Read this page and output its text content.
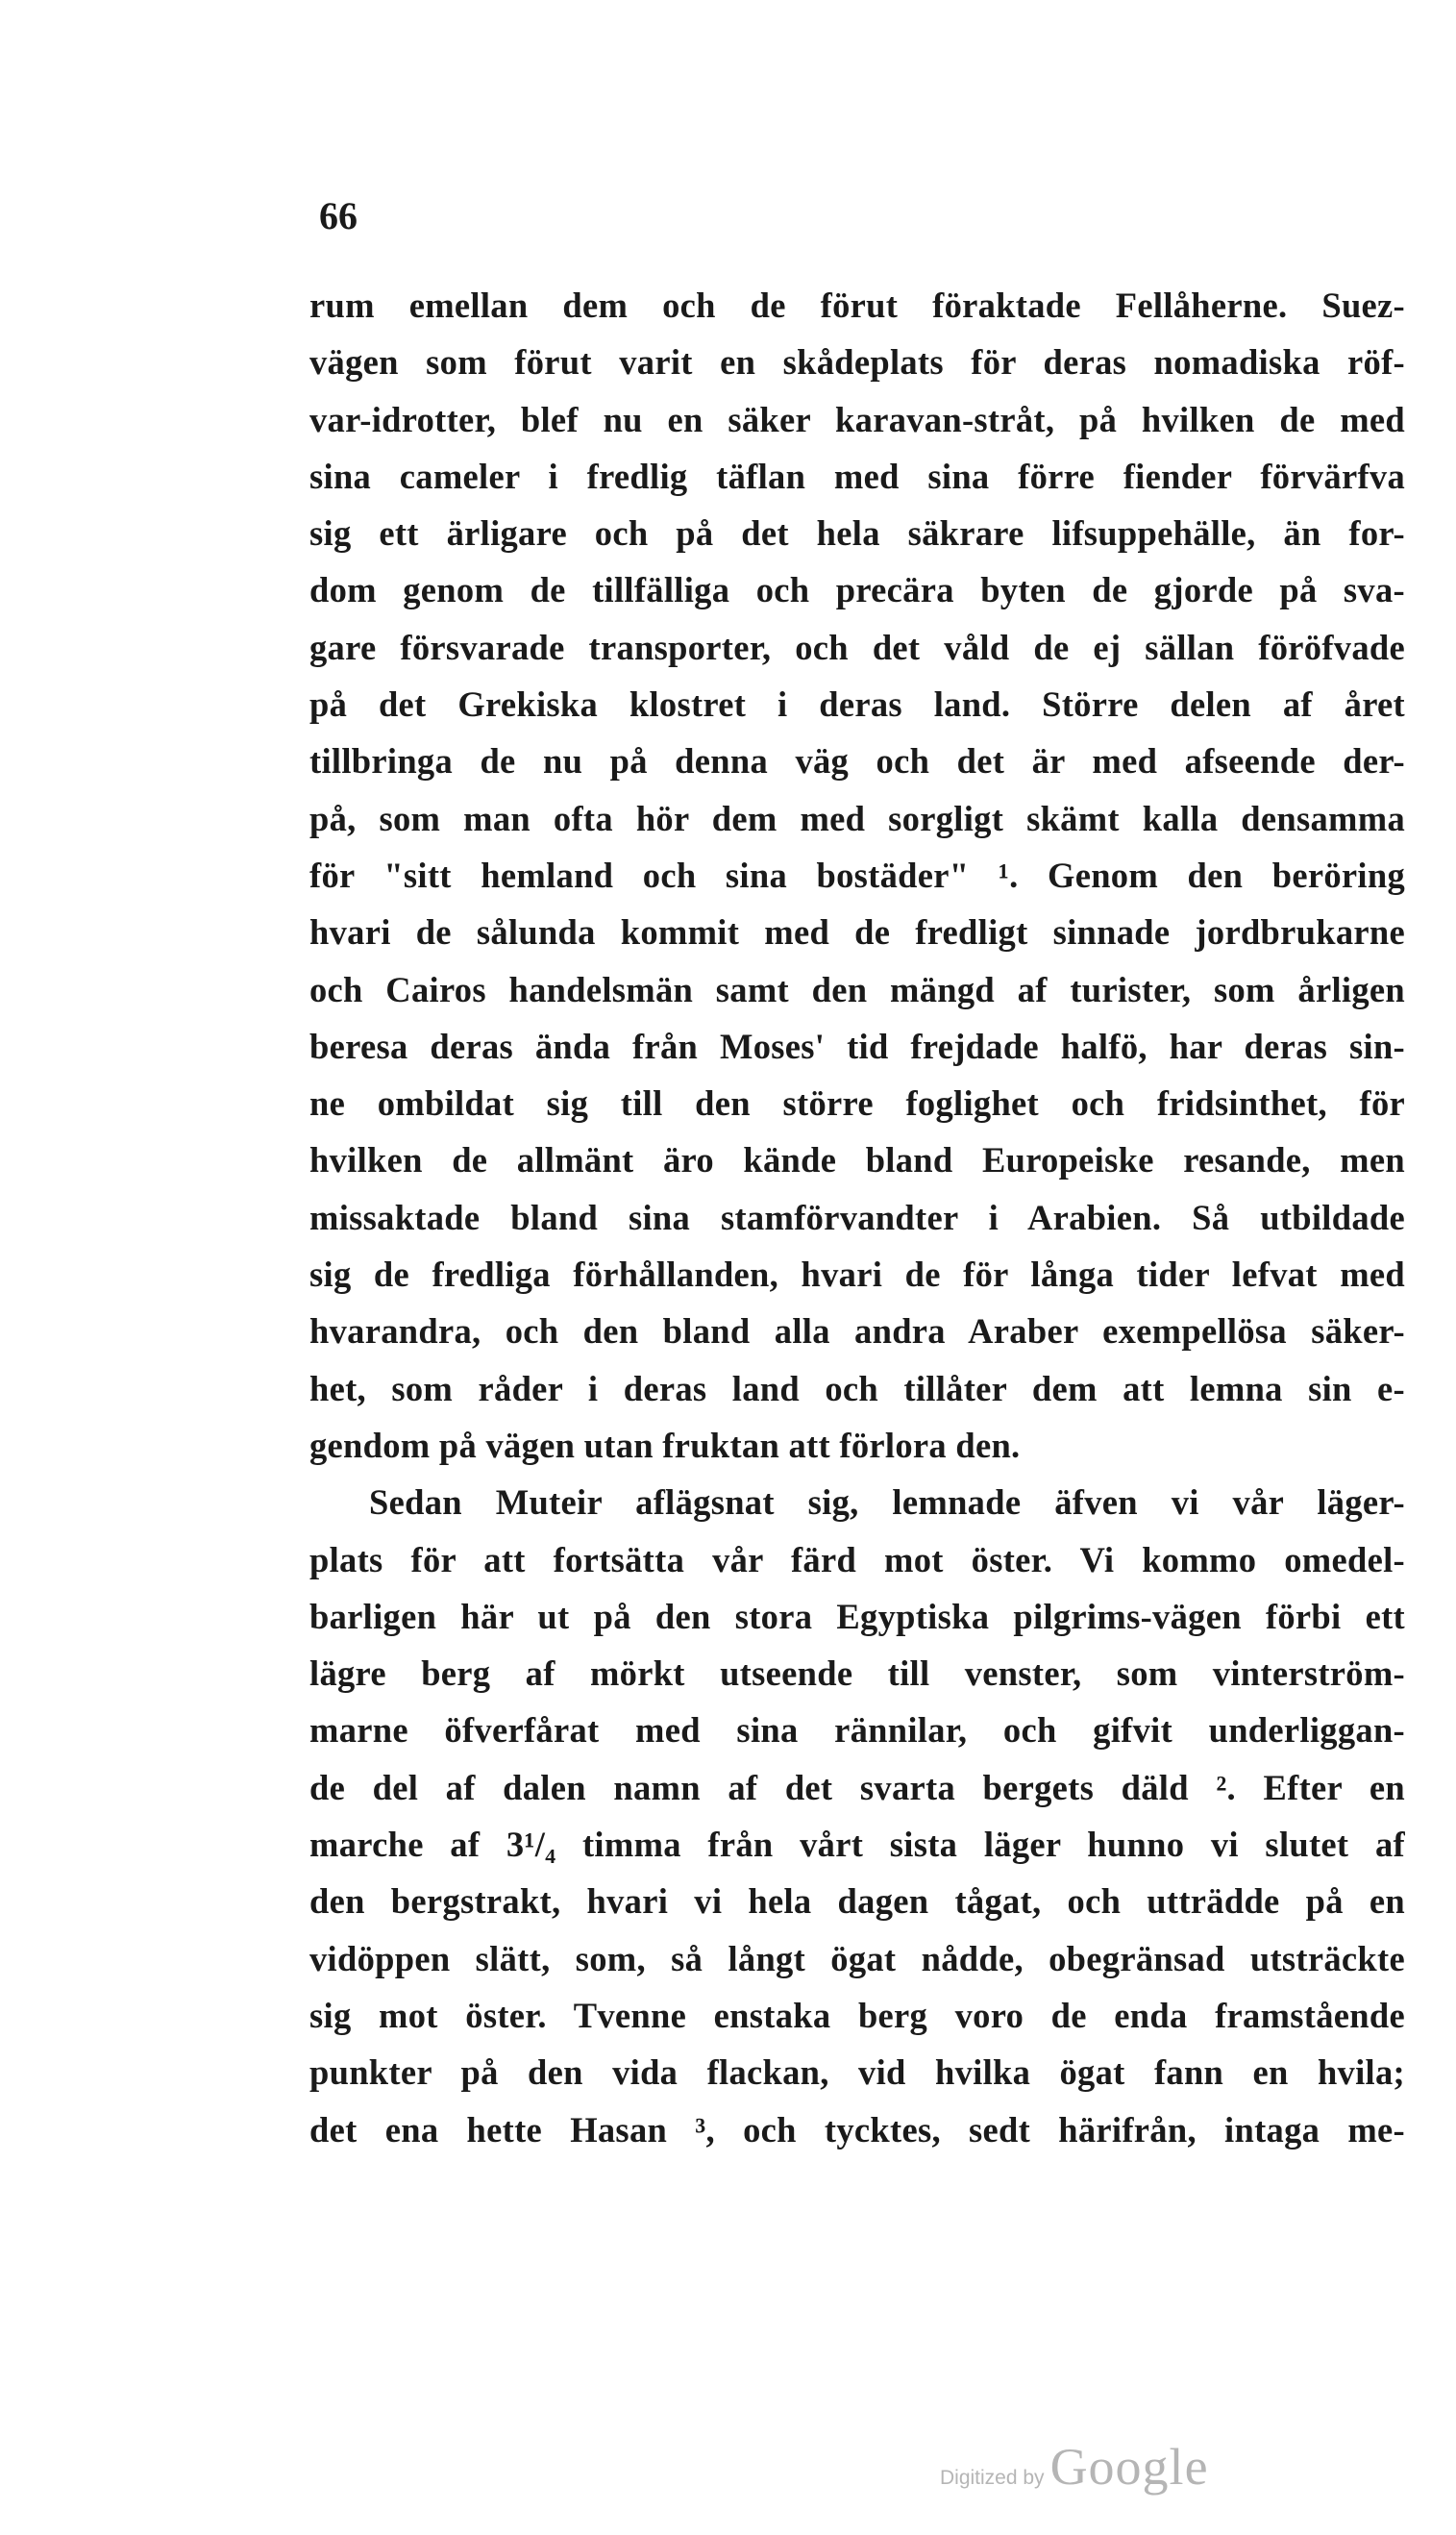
66
rum emellan dem och de förut föraktade Fellåherne. Suez-
vägen som förut varit en skådeplats för deras nomadiska röf-
var-idrotter, blef nu en säker karavan-stråt, på hvilken de med
sina cameler i fredlig täflan med sina förre fiender förvärfva
sig ett ärligare och på det hela säkrare lifsuppehälle, än for-
dom genom de tillfälliga och precära byten de gjorde på sva-
gare försvarade transporter, och det våld de ej sällan föröfvade
på det Grekiska klostret i deras land. Större delen af året
tillbringa de nu på denna väg och det är med afseende der-
på, som man ofta hör dem med sorgligt skämt kalla densamma
för "sitt hemland och sina bostäder" ¹. Genom den beröring
hvari de sålunda kommit med de fredligt sinnade jordbrukarne
och Cairos handelsmän samt den mängd af turister, som årligen
beresa deras ända från Moses' tid frejdade halfö, har deras sin-
ne ombildat sig till den större foglighet och fridsinthet, för
hvilken de allmänt äro kände bland Europeiske resande, men
missaktade bland sina stamförvandter i Arabien. Så utbildade
sig de fredliga förhållanden, hvari de för långa tider lefvat med
hvarandra, och den bland alla andra Araber exempellösa säker-
het, som råder i deras land och tillåter dem att lemna sin e-
gendom på vägen utan fruktan att förlora den.
Sedan Muteir aflägsnat sig, lemnade äfven vi vår läger-
plats för att fortsätta vår färd mot öster. Vi kommo omedel-
barligen här ut på den stora Egyptiska pilgrims-vägen förbi ett
lägre berg af mörkt utseende till venster, som vinterström-
marne öfverfårat med sina rännilar, och gifvit underliggan-
de del af dalen namn af det svarta bergets däld ². Efter en
marche af 3¹/₄ timma från vårt sista läger hunno vi slutet af
den bergstrakt, hvari vi hela dagen tågat, och utträdde på en
vidöppen slätt, som, så långt ögat nådde, obegränsad utsträckte
sig mot öster. Tvenne enstaka berg voro de enda framstående
punkter på den vida flackan, vid hvilka ögat fann en hvila;
det ena hette Hasan ³, och tycktes, sedt härifrån, intaga me-
Digitized by Google
